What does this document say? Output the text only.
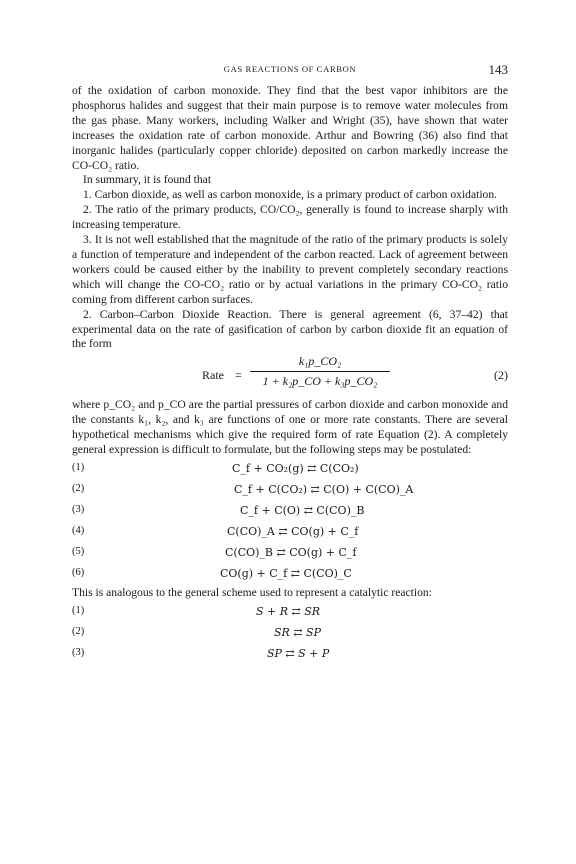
GAS REACTIONS OF CARBON	143

of the oxidation of carbon monoxide. They find that the best vapor inhibitors are the phosphorus halides and suggest that their main purpose is to remove water molecules from the gas phase. Many workers, including Walker and Wright (35), have shown that water increases the oxidation rate of carbon monoxide. Arthur and Bowring (36) also find that inorganic halides (particularly copper chloride) deposited on carbon markedly increase the CO-CO₂ ratio.

In summary, it is found that

1. Carbon dioxide, as well as carbon monoxide, is a primary product of carbon oxidation.

2. The ratio of the primary products, CO/CO₂, generally is found to increase sharply with increasing temperature.

3. It is not well established that the magnitude of the ratio of the primary products is solely a function of temperature and independent of the carbon reacted. Lack of agreement between workers could be caused either by the inability to prevent completely secondary reactions which will change the CO-CO₂ ratio or by actual variations in the primary CO-CO₂ ratio coming from different carbon surfaces.

2. Carbon–Carbon Dioxide Reaction. There is general agreement (6, 37–42) that experimental data on the rate of gasification of carbon by carbon dioxide fit an equation of the form

Rate =
k₁p_CO₂
1 + k₂p_CO + k₃p_CO₂	(2)

where p_CO₂ and p_CO are the partial pressures of carbon dioxide and carbon monoxide and the constants k₁, k₂, and k₃ are functions of one or more rate constants. There are several hypothetical mechanisms which give the required form of rate Equation (2). A completely general expression is difficult to formulate, but the following steps may be postulated:

(1)	C_f + CO₂(g) ⇄ C(CO₂)
(2)	C_f + C(CO₂) ⇄ C(O) + C(CO)_A
(3)	C_f + C(O) ⇄ C(CO)_B
(4)	C(CO)_A ⇄ CO(g) + C_f
(5)	C(CO)_B ⇄ CO(g) + C_f
(6)	CO(g) + C_f ⇄ C(CO)_C

This is analogous to the general scheme used to represent a catalytic reaction:

(1)	S + R ⇄ SR
(2)	SR ⇄ SP
(3)	SP ⇄ S + P
